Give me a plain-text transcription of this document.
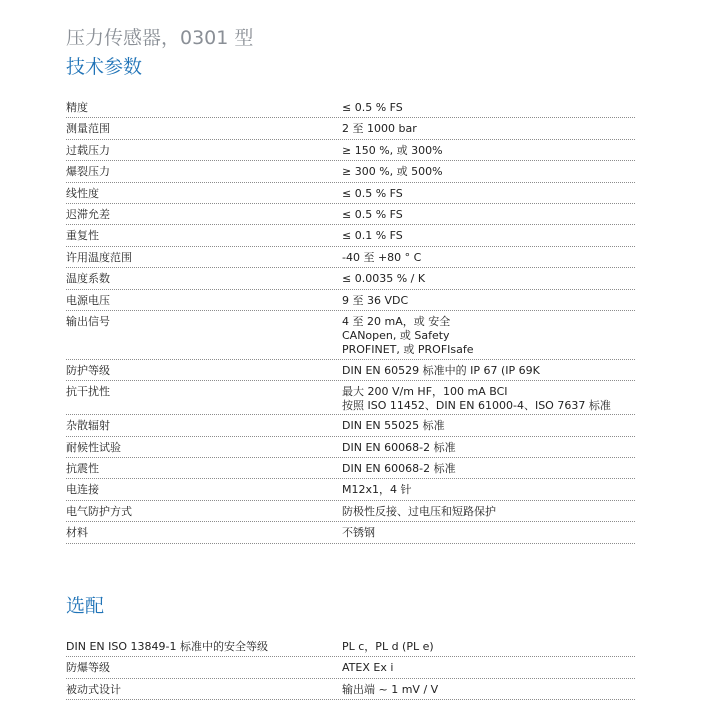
压力传感器，0301 型
技术参数
精度	≤ 0.5 % FS
测量范围	2 至 1000 bar
过载压力	≥ 150 %, 或 300%
爆裂压力	≥ 300 %, 或 500%
线性度	≤ 0.5 % FS
迟滞允差	≤ 0.5 % FS
重复性	≤ 0.1 % FS
许用温度范围	-40 至 +80 ° C
温度系数	≤ 0.0035 % / K
电源电压	9 至 36 VDC
输出信号	4 至 20 mA，或 安全
CANopen, 或 Safety
PROFINET, 或 PROFIsafe
防护等级	DIN EN 60529 标准中的 IP 67 (IP 69K
抗干扰性	最大 200 V/m HF，100 mA BCI
按照 ISO 11452、DIN EN 61000-4、ISO 7637 标准
杂散辐射	DIN EN 55025 标准
耐候性试验	DIN EN 60068-2 标准
抗震性	DIN EN 60068-2 标准
电连接	M12x1，4 针
电气防护方式	防极性反接、过电压和短路保护
材料	不锈钢
选配
DIN EN ISO 13849-1 标准中的安全等级	PL c，PL d (PL e)
防爆等级	ATEX Ex i
被动式设计	输出端 ~ 1 mV / V
